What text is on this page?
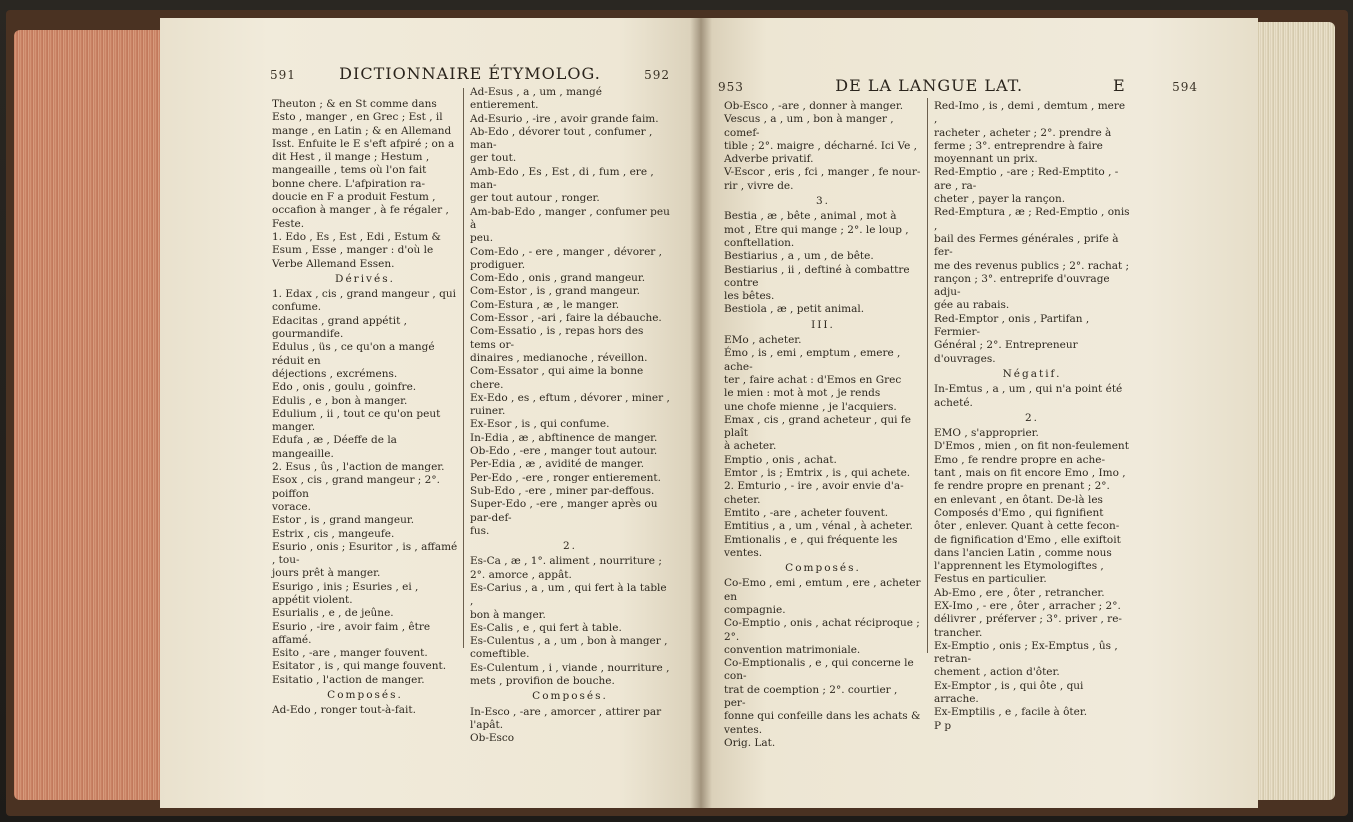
591	DICTIONNAIRE ÉTYMOLOG.	592
953	DE LA LANGUE LAT.	E	594

Theuton ; & en St comme dans

Esto , manger , en Grec ; Est , il

mange , en Latin ; & en Allemand

Isst. Enfuite le E s'eft afpiré ; on a

dit Hest , il mange ; Hestum ,

mangeaille , tems où l'on fait

bonne chere. L'afpiration ra-

doucie en F a produit Festum ,

occafion à manger , à fe régaler ,

Feste.

1. Edo , Es , Est , Edi , Estum &

Esum , Esse , manger : d'où le

Verbe Allemand Essen.

Dérivés.

1. Edax , cis , grand mangeur , qui

confume.

Edacitas , grand appétit , gourmandife.

Edulus , üs , ce qu'on a mangé réduit en

déjections , excrémens.

Edo , onis , goulu , goinfre.

Edulis , e , bon à manger.

Edulium , ii , tout ce qu'on peut manger.

Edufa , æ , Déeffe de la mangeaille.

2. Esus , ûs , l'action de manger.

Esox , cis , grand mangeur ; 2°. poiffon

vorace.

Estor , is , grand mangeur.

Estrix , cis , mangeufe.

Esurio , onis ; Esuritor , is , affamé , tou-

jours prêt à manger.

Esurigo , inis ; Esuries , ei , appétit violent.

Esurialis , e , de jeûne.

Esurio , -ire , avoir faim , être affamé.

Esito , -are , manger fouvent.

Esitator , is , qui mange fouvent.

Esitatio , l'action de manger.

Composés.

Ad-Edo , ronger tout-à-fait.

Ad-Esus , a , um , mangé entierement.

Ad-Esurio , -ire , avoir grande faim.

Ab-Edo , dévorer tout , confumer , man-

ger tout.

Amb-Edo , Es , Est , di , fum , ere , man-

ger tout autour , ronger.

Am-bab-Edo , manger , confumer peu à

peu.

Com-Edo , - ere , manger , dévorer ,

prodiguer.

Com-Edo , onis , grand mangeur.

Com-Estor , is , grand mangeur.

Com-Estura , æ , le manger.

Com-Essor , -ari , faire la débauche.

Com-Essatio , is , repas hors des tems or-

dinaires , medianoche , réveillon.

Com-Essator , qui aime la bonne chere.

Ex-Edo , es , eftum , dévorer , miner ,

ruiner.

Ex-Esor , is , qui confume.

In-Edia , æ , abftinence de manger.

Ob-Edo , -ere , manger tout autour.

Per-Edia , æ , avidité de manger.

Per-Edo , -ere , ronger entierement.

Sub-Edo , -ere , miner par-deffous.

Super-Edo , -ere , manger après ou par-def-

fus.

2.

Es-Ca , æ , 1°. aliment , nourriture ;

2°. amorce , appât.

Es-Carius , a , um , qui fert à la table ,

bon à manger.

Es-Calis , e , qui fert à table.

Es-Culentus , a , um , bon à manger ,

comeftible.

Es-Culentum , i , viande , nourriture ,

mets , provifion de bouche.

Composés.

In-Esco , -are , amorcer , attirer par

l'apât.

Ob-Esco

Ob-Esco , -are , donner à manger.

Vescus , a , um , bon à manger , comef-

tible ; 2°. maigre , décharné. Ici Ve ,

Adverbe privatif.

V-Escor , eris , fci , manger , fe nour-

rir , vivre de.

3.

Bestia , æ , bête , animal , mot à

mot , Etre qui mange ; 2°. le loup ,

conftellation.

Bestiarius , a , um , de bête.

Bestiarius , ii , deftiné à combattre contre

les bêtes.

Bestiola , æ , petit animal.

III.

EMo , acheter.

Émo , is , emi , emptum , emere , ache-

ter , faire achat : d'Emos en Grec

le mien : mot à mot , je rends

une chofe mienne , je l'acquiers.

Emax , cis , grand acheteur , qui fe plaît

à acheter.

Emptio , onis , achat.

Emtor , is ; Emtrix , is , qui achete.

2. Emturio , - ire , avoir envie d'a-

cheter.

Emtito , -are , acheter fouvent.

Emtitius , a , um , vénal , à acheter.

Emtionalis , e , qui fréquente les ventes.

Composés.

Co-Emo , emi , emtum , ere , acheter en

compagnie.

Co-Emptio , onis , achat réciproque ; 2°.

convention matrimoniale.

Co-Emptionalis , e , qui concerne le con-

trat de coemption ; 2°. courtier , per-

fonne qui confeille dans les achats &

ventes.

Orig. Lat.

Red-Imo , is , demi , demtum , mere ,

racheter , acheter ; 2°. prendre à

ferme ; 3°. entreprendre à faire

moyennant un prix.

Red-Emptio , -are ; Red-Emptito , -are , ra-

cheter , payer la rançon.

Red-Emptura , æ ; Red-Emptio , onis ,

bail des Fermes générales , prife à fer-

me des revenus publics ; 2°. rachat ;

rançon ; 3°. entreprife d'ouvrage adju-

gée au rabais.

Red-Emptor , onis , Partifan , Fermier-

Général ; 2°. Entrepreneur d'ouvrages.

Négatif.

In-Emtus , a , um , qui n'a point été

acheté.

2.

EMO , s'approprier.

D'Emos , mien , on fit non-feulement

Emo , fe rendre propre en ache-

tant , mais on fit encore Emo , Imo ,

fe rendre propre en prenant ; 2°.

en enlevant , en ôtant. De-là les

Composés d'Emo , qui fignifient

ôter , enlever. Quant à cette fecon-

de fignification d'Emo , elle exiftoit

dans l'ancien Latin , comme nous

l'apprennent les Etymologiftes ,

Festus en particulier.

Ab-Emo , ere , ôter , retrancher.

EX-Imo , - ere , ôter , arracher ; 2°.

délivrer , préferver ; 3°. priver , re-

trancher.

Ex-Emptio , onis ; Ex-Emptus , ûs , retran-

chement , action d'ôter.

Ex-Emptor , is , qui ôte , qui arrache.

Ex-Emptilis , e , facile à ôter.

P p
